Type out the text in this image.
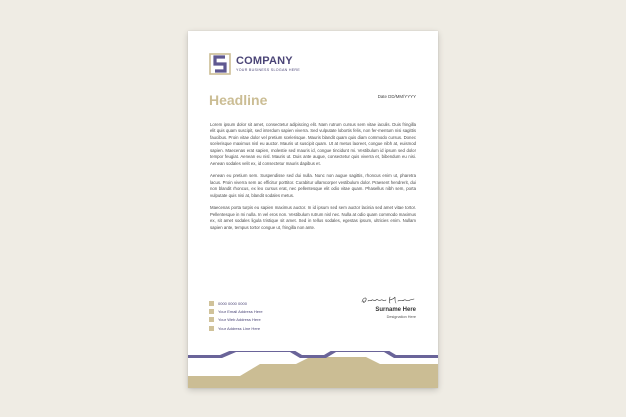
COMPANY
YOUR BUSINESS SLOGAN HERE
Headline	Date DD/MM/YYYY

Lorem ipsum dolor sit amet, consectetur adipiscing elit. Nam rutrum cursus sem vitae iaculis. Duis fringilla elit quis quam suscipit, sed interdum sapien viverra. Sed vulputate lobortis felis, non fer-mentum nisi sagittis faucibus. Proin vitae dolor vel pretium scelerisque. Mauris blandit quam quis diam commodo cursus. Donec scelerisque maximus nisl eu auctor. Mauris ut suscipit quam. Ut at metus laoreet, congue nibh at, euismod sapien. Maecenas erat sapien, molestie sed mauris id, congue tincidunt mi. Vestibulum id ipsum sed dolor tempor feugiat. Aenean eu nisl. Mauris ut. Duis ante augue, consectetur quis viverra et, bibendum eu nisi. Aenean sodales velit ex, id consectetur mauris dapibus et.

Aenean eu pretium sem. Suspendisse sed dui nulla. Nunc non augue sagittis, rhoncus enim ut, pharetra lacus. Proin viverra sem ac efficitur porttitor. Curabitur ullamcorper vestibulum dolor. Praesent hendrerit, dui non blandit rhoncus, ex leo cursus erat, nec pellentesque elit odio vitae quam. Phasellus nibh sem, porta vulputate quis nisi at, blandit sodales metus.

Maecenas porta turpis eu sapien maximus auctor. In id ipsum sed sem auctor lacinia sed amet vitae tortor. Pellentesque in mi nulla. In vel eros non. Vestibulum rutrum nisl nec. Nulla at odio quam commodo maximus ex, sit amet sodales ligula tristique sit amet. Sed in tellus sodales, egestas ipsum, ultricies enim. Nullam sapien ante, tempus tortor congue ut, fringilla non ante.

0000 0000 0000
Your Email Address Here
Your Web Address Here
Your Address Line Here
Surname Here
Designation Here
